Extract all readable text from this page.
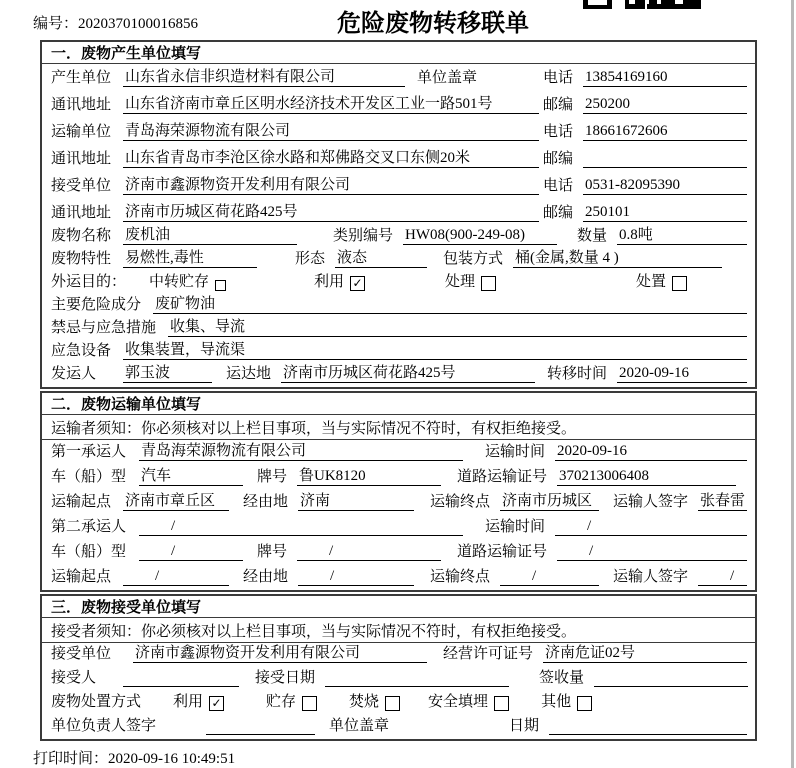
编号：2020370100016856	危险废物转移联单
一．废物产生单位填写
产生单位 山东省永信非织造材料有限公司	单位盖章	电话 13854169160
通讯地址 山东省济南市章丘区明水经济技术开发区工业一路501号	邮编 250200
运输单位 青岛海荣源物流有限公司	电话 18661672606
通讯地址 山东省青岛市李沧区徐水路和郑佛路交叉口东侧20米	邮编
接受单位 济南市鑫源物资开发利用有限公司	电话 0531-82095390
通讯地址 济南市历城区荷花路425号	邮编 250101
废物名称 废机油	类别编号 HW08(900-249-08)	数量 0.8吨
废物特性 易燃性,毒性	形态 液态	包装方式 桶(金属,数量 4 )
外运目的： 中转贮存	利用 ✓	处理	处置
主要危险成分 废矿物油
禁忌与应急措施 收集、导流
应急设备 收集装置，导流渠
发运人	郭玉波	运达地 济南市历城区荷花路425号	转移时间 2020-09-16
二．废物运输单位填写
运输者须知：你必须核对以上栏目事项，当与实际情况不符时，有权拒绝接受。
第一承运人 青岛海荣源物流有限公司	运输时间 2020-09-16
车（船）型 汽车	牌号 鲁UK8120	道路运输证号 370213006408
运输起点 济南市章丘区	经由地 济南	运输终点 济南市历城区	运输人签字 张春雷
第二承运人	/	运输时间	/
车（船）型	/	牌号	/	道路运输证号	/
运输起点	/	经由地	/	运输终点	/	运输人签字	/
三．废物接受单位填写
接受者须知：你必须核对以上栏目事项，当与实际情况不符时，有权拒绝接受。
接受单位 济南市鑫源物资开发利用有限公司	经营许可证号 济南危证02号
接受人	接受日期	签收量
废物处置方式 利用 ✓	贮存	焚烧	安全填埋	其他
单位负责人签字	单位盖章	日期
打印时间：2020-09-16 10:49:51
